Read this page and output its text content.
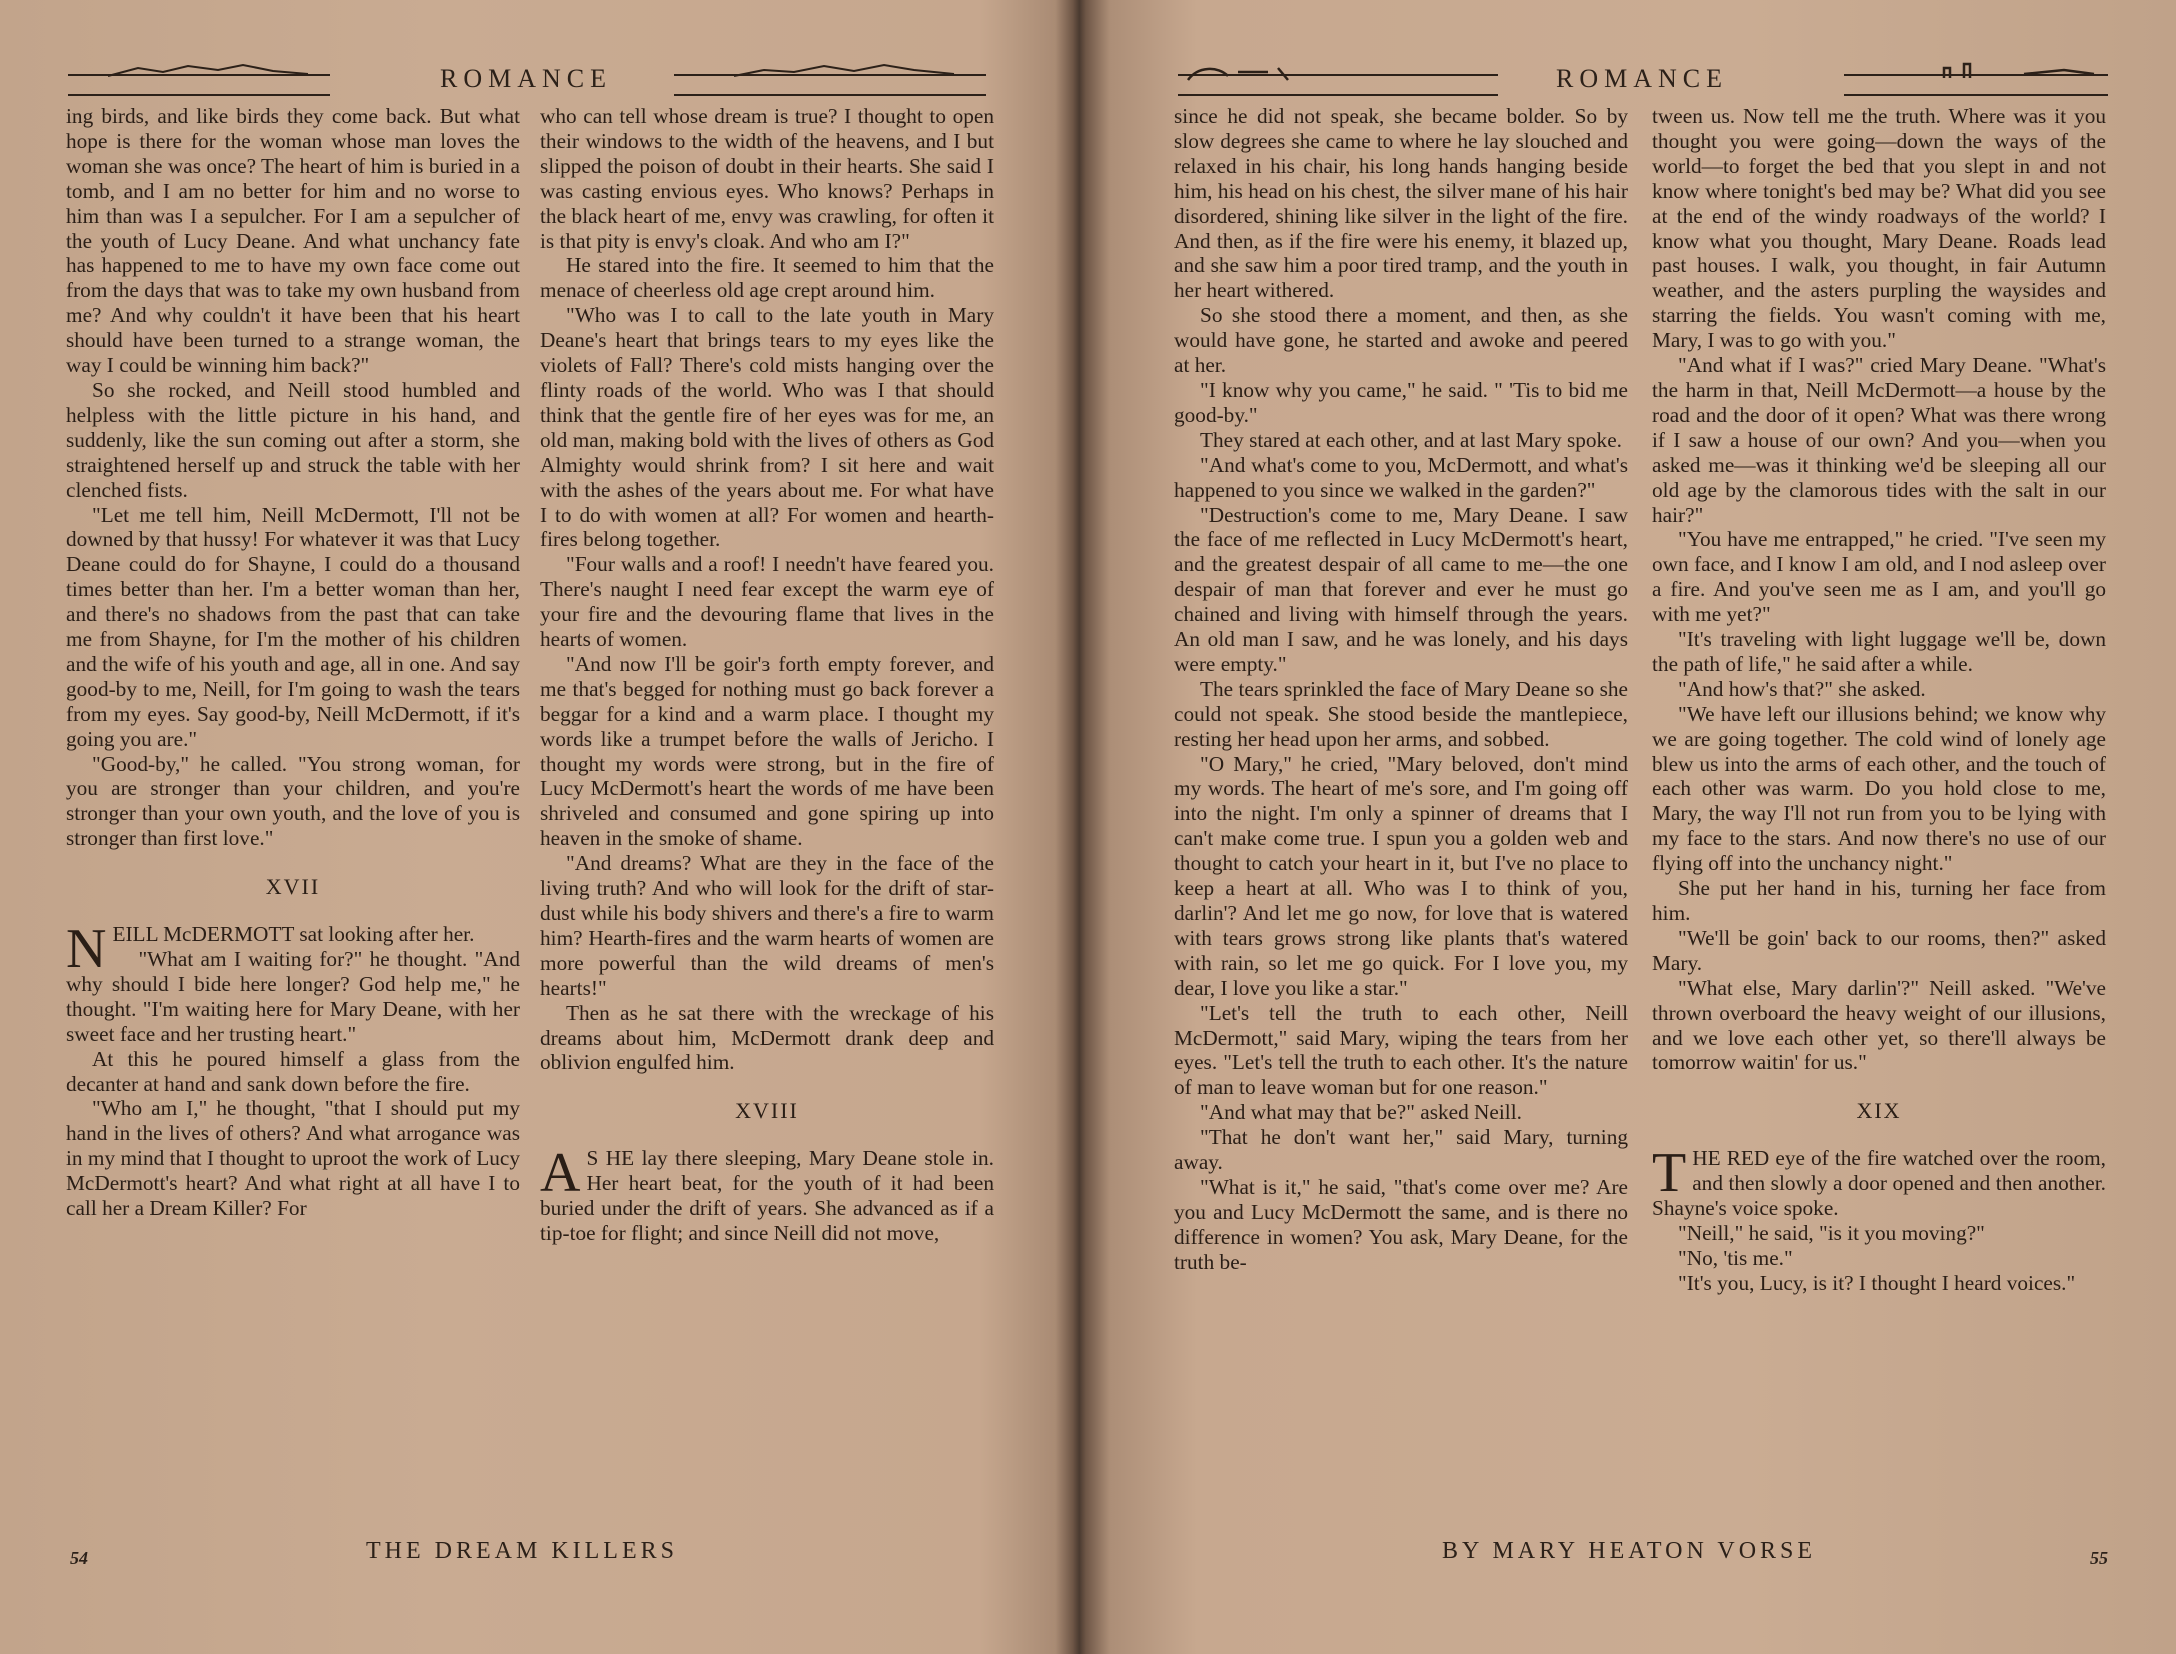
ROMANCE

ing birds, and like birds they come back. But what hope is there for the woman whose man loves the woman she was once? The heart of him is buried in a tomb, and I am no better for him and no worse to him than was I a sepulcher. For I am a sepulcher of the youth of Lucy Deane. And what unchancy fate has happened to me to have my own face come out from the days that was to take my own husband from me? And why couldn't it have been that his heart should have been turned to a strange woman, the way I could be winning him back?"

So she rocked, and Neill stood humbled and helpless with the little picture in his hand, and suddenly, like the sun coming out after a storm, she straightened herself up and struck the table with her clenched fists.

"Let me tell him, Neill McDermott, I'll not be downed by that hussy! For whatever it was that Lucy Deane could do for Shayne, I could do a thousand times better than her. I'm a better woman than her, and there's no shadows from the past that can take me from Shayne, for I'm the mother of his children and the wife of his youth and age, all in one. And say good-by to me, Neill, for I'm going to wash the tears from my eyes. Say good-by, Neill McDermott, if it's going you are."

"Good-by," he called. "You strong woman, for you are stronger than your children, and you're stronger than your own youth, and the love of you is stronger than first love."

XVII

NEILL McDERMOTT sat looking after her.

"What am I waiting for?" he thought. "And why should I bide here longer? God help me," he thought. "I'm waiting here for Mary Deane, with her sweet face and her trusting heart."

At this he poured himself a glass from the decanter at hand and sank down before the fire.

"Who am I," he thought, "that I should put my hand in the lives of others? And what arrogance was in my mind that I thought to uproot the work of Lucy McDermott's heart? And what right at all have I to call her a Dream Killer? For

who can tell whose dream is true? I thought to open their windows to the width of the heavens, and I but slipped the poison of doubt in their hearts. She said I was casting envious eyes. Who knows? Perhaps in the black heart of me, envy was crawling, for often it is that pity is envy's cloak. And who am I?"

He stared into the fire. It seemed to him that the menace of cheerless old age crept around him.

"Who was I to call to the late youth in Mary Deane's heart that brings tears to my eyes like the violets of Fall? There's cold mists hanging over the flinty roads of the world. Who was I that should think that the gentle fire of her eyes was for me, an old man, making bold with the lives of others as God Almighty would shrink from? I sit here and wait with the ashes of the years about me. For what have I to do with women at all? For women and hearth-fires belong together.

"Four walls and a roof! I needn't have feared you. There's naught I need fear except the warm eye of your fire and the devouring flame that lives in the hearts of women.

"And now I'll be goir'ɜ forth empty forever, and me that's begged for nothing must go back forever a beggar for a kind and a warm place. I thought my words like a trumpet before the walls of Jericho. I thought my words were strong, but in the fire of Lucy McDermott's heart the words of me have been shriveled and consumed and gone spiring up into heaven in the smoke of shame.

"And dreams? What are they in the face of the living truth? And who will look for the drift of star-dust while his body shivers and there's a fire to warm him? Hearth-fires and the warm hearts of women are more powerful than the wild dreams of men's hearts!"

Then as he sat there with the wreckage of his dreams about him, McDermott drank deep and oblivion engulfed him.

XVIII

A S HE lay there sleeping, Mary Deane stole in. Her heart beat, for the youth of it had been buried under the drift of years. She advanced as if a tip-toe for flight; and since Neill did not move,

54	THE DREAM KILLERS
ROMANCE

since he did not speak, she became bolder. So by slow degrees she came to where he lay slouched and relaxed in his chair, his long hands hanging beside him, his head on his chest, the silver mane of his hair disordered, shining like silver in the light of the fire. And then, as if the fire were his enemy, it blazed up, and she saw him a poor tired tramp, and the youth in her heart withered.

So she stood there a moment, and then, as she would have gone, he started and awoke and peered at her.

"I know why you came," he said. " 'Tis to bid me good-by."

They stared at each other, and at last Mary spoke.

"And what's come to you, McDermott, and what's happened to you since we walked in the garden?"

"Destruction's come to me, Mary Deane. I saw the face of me reflected in Lucy McDermott's heart, and the greatest despair of all came to me—the one despair of man that forever and ever he must go chained and living with himself through the years. An old man I saw, and he was lonely, and his days were empty."

The tears sprinkled the face of Mary Deane so she could not speak. She stood beside the mantlepiece, resting her head upon her arms, and sobbed.

"O Mary," he cried, "Mary beloved, don't mind my words. The heart of me's sore, and I'm going off into the night. I'm only a spinner of dreams that I can't make come true. I spun you a golden web and thought to catch your heart in it, but I've no place to keep a heart at all. Who was I to think of you, darlin'? And let me go now, for love that is watered with tears grows strong like plants that's watered with rain, so let me go quick. For I love you, my dear, I love you like a star."

"Let's tell the truth to each other, Neill McDermott," said Mary, wiping the tears from her eyes. "Let's tell the truth to each other. It's the nature of man to leave woman but for one reason."

"And what may that be?" asked Neill.

"That he don't want her," said Mary, turning away.

"What is it," he said, "that's come over me? Are you and Lucy McDermott the same, and is there no difference in women? You ask, Mary Deane, for the truth be-

tween us. Now tell me the truth. Where was it you thought you were going—down the ways of the world—to forget the bed that you slept in and not know where tonight's bed may be? What did you see at the end of the windy roadways of the world? I know what you thought, Mary Deane. Roads lead past houses. I walk, you thought, in fair Autumn weather, and the asters purpling the waysides and starring the fields. You wasn't coming with me, Mary, I was to go with you."

"And what if I was?" cried Mary Deane. "What's the harm in that, Neill McDermott—a house by the road and the door of it open? What was there wrong if I saw a house of our own? And you—when you asked me—was it thinking we'd be sleeping all our old age by the clamorous tides with the salt in our hair?"

"You have me entrapped," he cried. "I've seen my own face, and I know I am old, and I nod asleep over a fire. And you've seen me as I am, and you'll go with me yet?"

"It's traveling with light luggage we'll be, down the path of life," he said after a while.

"And how's that?" she asked.

"We have left our illusions behind; we know why we are going together. The cold wind of lonely age blew us into the arms of each other, and the touch of each other was warm. Do you hold close to me, Mary, the way I'll not run from you to be lying with my face to the stars. And now there's no use of our flying off into the unchancy night."

She put her hand in his, turning her face from him.

"We'll be goin' back to our rooms, then?" asked Mary.

"What else, Mary darlin'?" Neill asked. "We've thrown overboard the heavy weight of our illusions, and we love each other yet, so there'll always be tomorrow waitin' for us."

XIX

THE RED eye of the fire watched over the room, and then slowly a door opened and then another. Shayne's voice spoke.

"Neill," he said, "is it you moving?"

"No, 'tis me."

"It's you, Lucy, is it? I thought I heard voices."

BY MARY HEATON VORSE	55
